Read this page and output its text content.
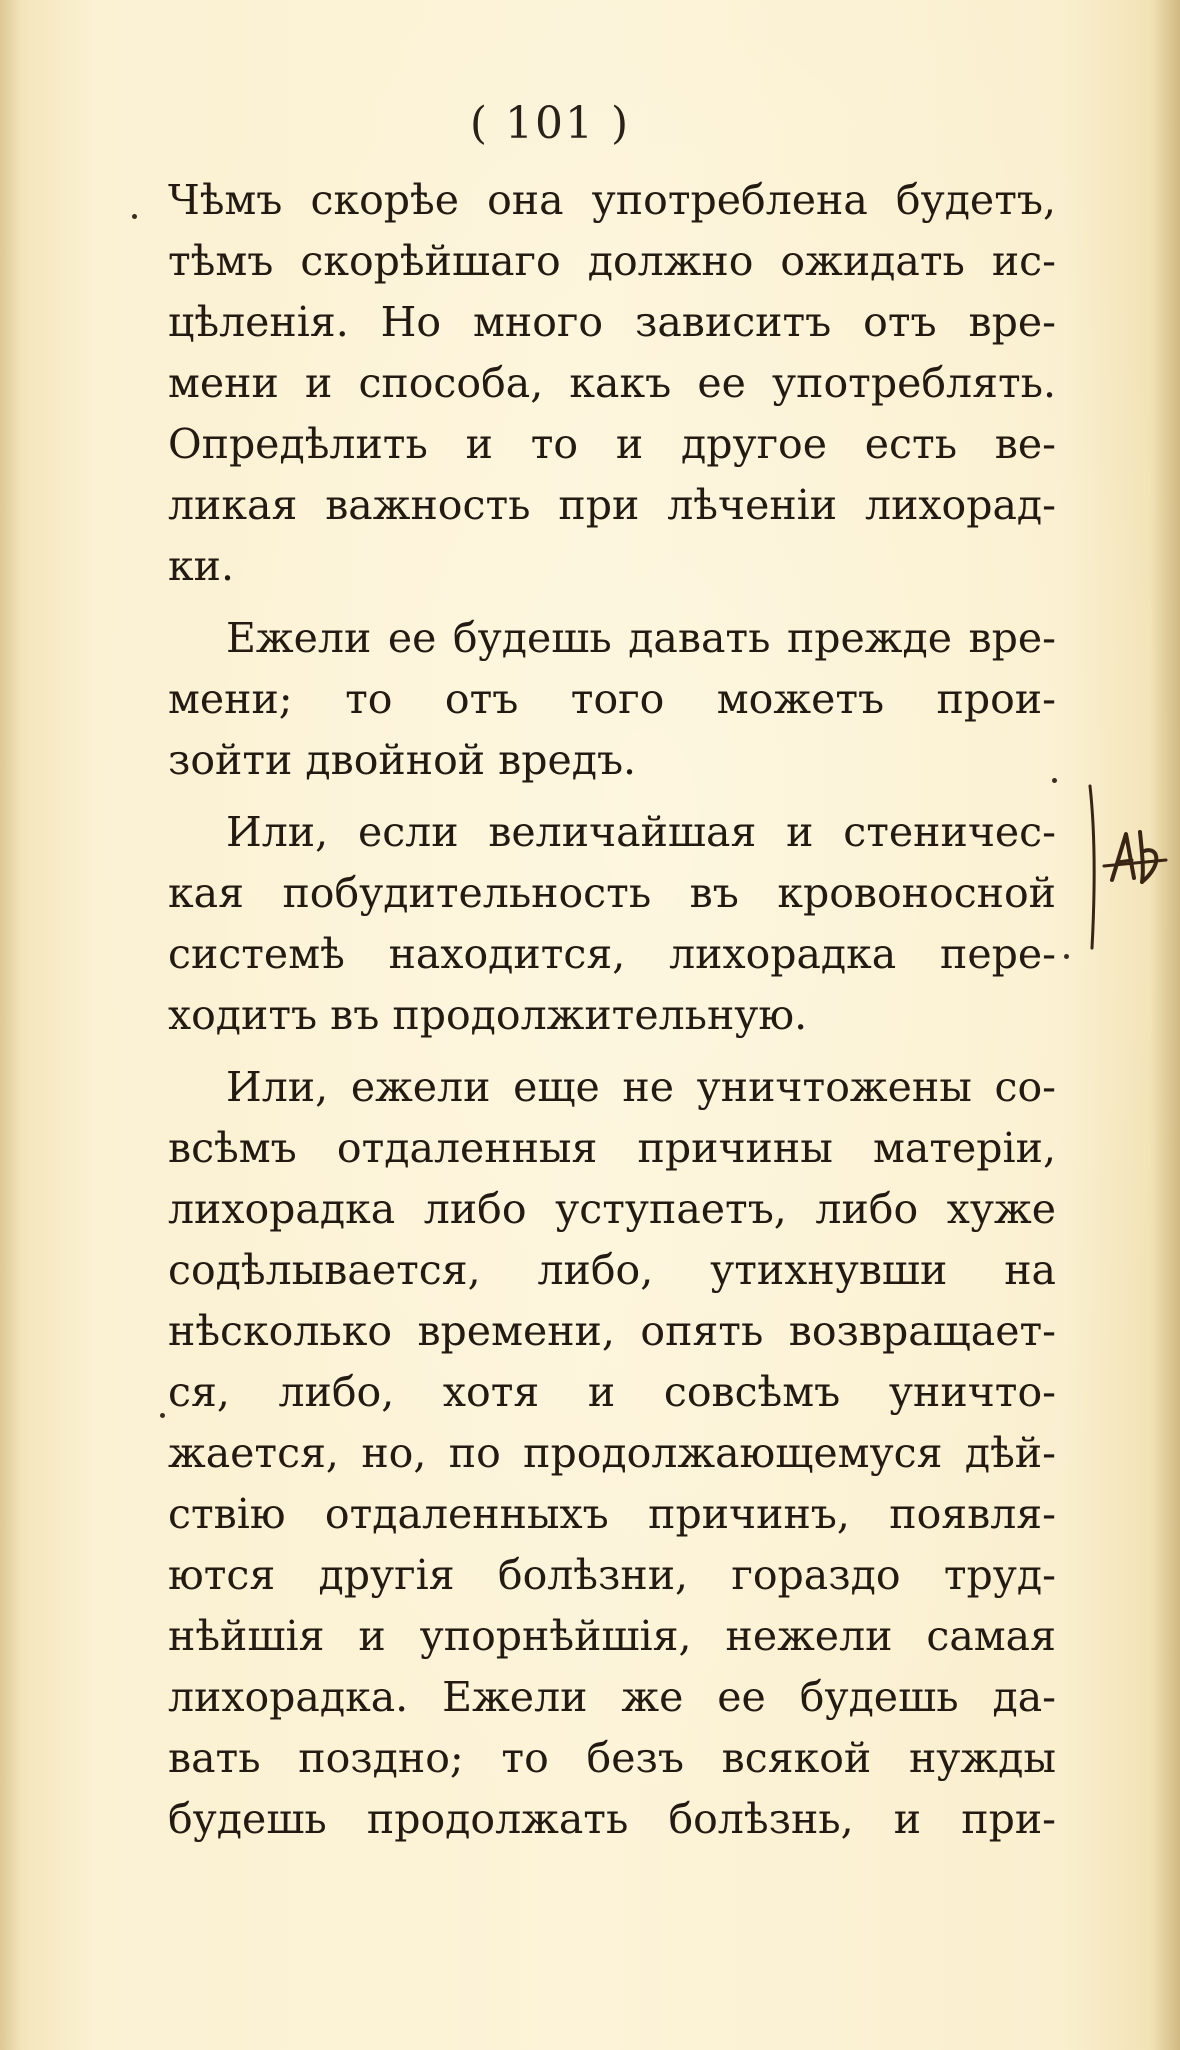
( 101 )
Чѣмъ скорѣе она употреблена будетъ,
тѣмъ скорѣйшаго должно ожидать ис-
цѣленія. Но много зависитъ отъ вре-
мени и способа, какъ ее употреблять.
Опредѣлить и то и другое есть ве-
ликая важность при лѣченіи лихорад-
ки.
Ежели ее будешь давать прежде вре-
мени; то отъ того можетъ прои-
зойти двойной вредъ.
Или, если величайшая и стеничес-
кая побудительность въ кровоносной
системѣ находится, лихорадка пере-
ходитъ въ продолжительную.
Или, ежели еще не уничтожены со-
всѣмъ отдаленныя причины матеріи,
лихорадка либо уступаетъ, либо хуже
содѣлывается, либо, утихнувши на
нѣсколько времени, опять возвращает-
ся, либо, хотя и совсѣмъ уничто-
жается, но, по продолжающемуся дѣй-
ствію отдаленныхъ причинъ, появля-
ются другія болѣзни, гораздо труд-
нѣйшія и упорнѣйшія, нежели самая
лихорадка. Ежели же ее будешь да-
вать поздно; то безъ всякой нужды
будешь продолжать болѣзнь, и при-
